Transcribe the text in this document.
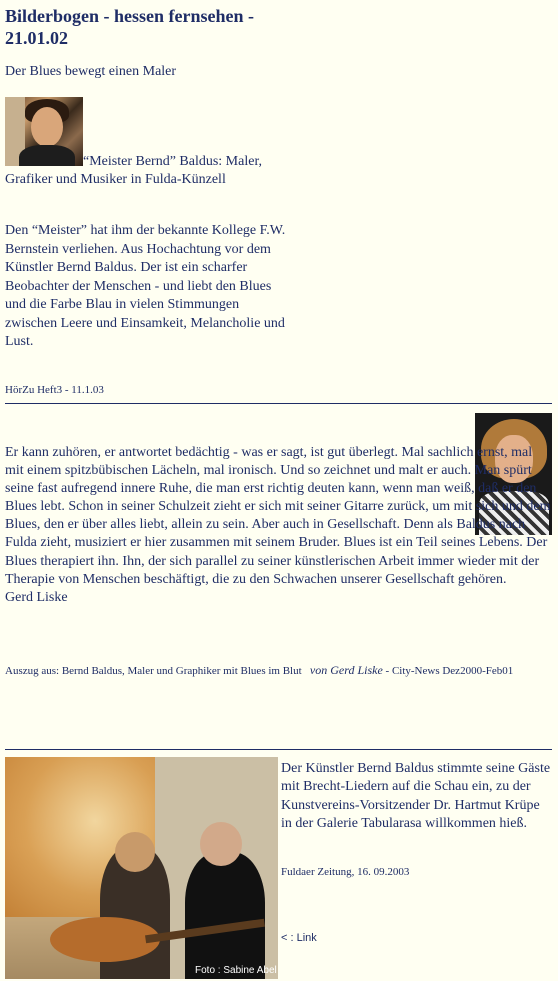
Bilderbogen - hessen fernsehen - 21.01.02
Der Blues bewegt einen Maler
“Meister Bernd” Baldus: Maler, Grafiker und Musiker in Fulda-Künzell
Den “Meister” hat ihm der bekannte Kollege F.W. Bernstein verliehen. Aus Hochachtung vor dem Künstler Bernd Baldus. Der ist ein scharfer Beobachter der Menschen - und liebt den Blues und die Farbe Blau in vielen Stimmungen zwischen Leere und Einsamkeit, Melancholie und Lust.
HörZu Heft3 - 11.1.03
Er kann zuhören, er antwortet bedächtig - was er sagt, ist gut überlegt. Mal sachlich ernst, mal mit einem spitzbübischen Lächeln, mal ironisch. Und so zeichnet und malt er auch. Man spürt seine fast aufregend innere Ruhe, die man erst richtig deuten kann, wenn man weiß, daß er den Blues lebt. Schon in seiner Schulzeit zieht er sich mit seiner Gitarre zurück, um mit sich und dem Blues, den er über alles liebt, allein zu sein. Aber auch in Gesellschaft. Denn als Baldus nach Fulda zieht, musiziert er hier zusammen mit seinem Bruder. Blues ist ein Teil seines Lebens. Der Blues therapiert ihn. Ihn, der sich parallel zu seiner künstlerischen Arbeit immer wieder mit der Therapie von Menschen beschäftigt, die zu den Schwachen unserer Gesellschaft gehören.
Gerd Liske
Auszug aus: Bernd Baldus, Maler und Graphiker mit Blues im Blut von Gerd Liske - City-News Dez2000-Feb01
Foto : Sabine Abel
Der Künstler Bernd Baldus stimmte seine Gäste mit Brecht-Liedern auf die Schau ein, zu der Kunstvereins-Vorsitzender Dr. Hartmut Krüpe in der Galerie Tabularasa willkommen hieß.
Fuldaer Zeitung, 16. 09.2003
< : Link
